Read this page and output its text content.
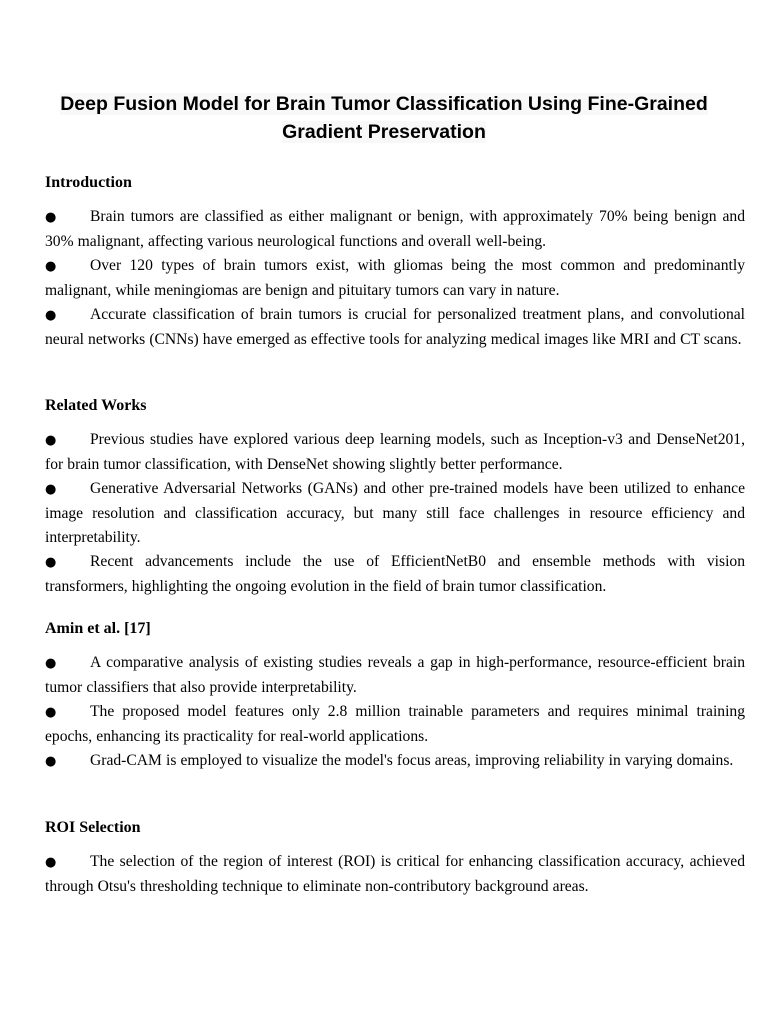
Deep Fusion Model for Brain Tumor Classification Using Fine-Grained
Gradient Preservation
Introduction

● Brain tumors are classified as either malignant or benign, with approximately 70% being benign and 30% malignant, affecting various neurological functions and overall well-being.

● Over 120 types of brain tumors exist, with gliomas being the most common and predominantly malignant, while meningiomas are benign and pituitary tumors can vary in nature.

● Accurate classification of brain tumors is crucial for personalized treatment plans, and convolutional neural networks (CNNs) have emerged as effective tools for analyzing medical images like MRI and CT scans.

Related Works

● Previous studies have explored various deep learning models, such as Inception-v3 and DenseNet201, for brain tumor classification, with DenseNet showing slightly better performance.

● Generative Adversarial Networks (GANs) and other pre-trained models have been utilized to enhance image resolution and classification accuracy, but many still face challenges in resource efficiency and interpretability.

● Recent advancements include the use of EfficientNetB0 and ensemble methods with vision transformers, highlighting the ongoing evolution in the field of brain tumor classification.

Amin et al. [17]

● A comparative analysis of existing studies reveals a gap in high-performance, resource-efficient brain tumor classifiers that also provide interpretability.

● The proposed model features only 2.8 million trainable parameters and requires minimal training epochs, enhancing its practicality for real-world applications.

● Grad-CAM is employed to visualize the model's focus areas, improving reliability in varying domains.

ROI Selection

● The selection of the region of interest (ROI) is critical for enhancing classification accuracy, achieved through Otsu's thresholding technique to eliminate non-contributory background areas.
